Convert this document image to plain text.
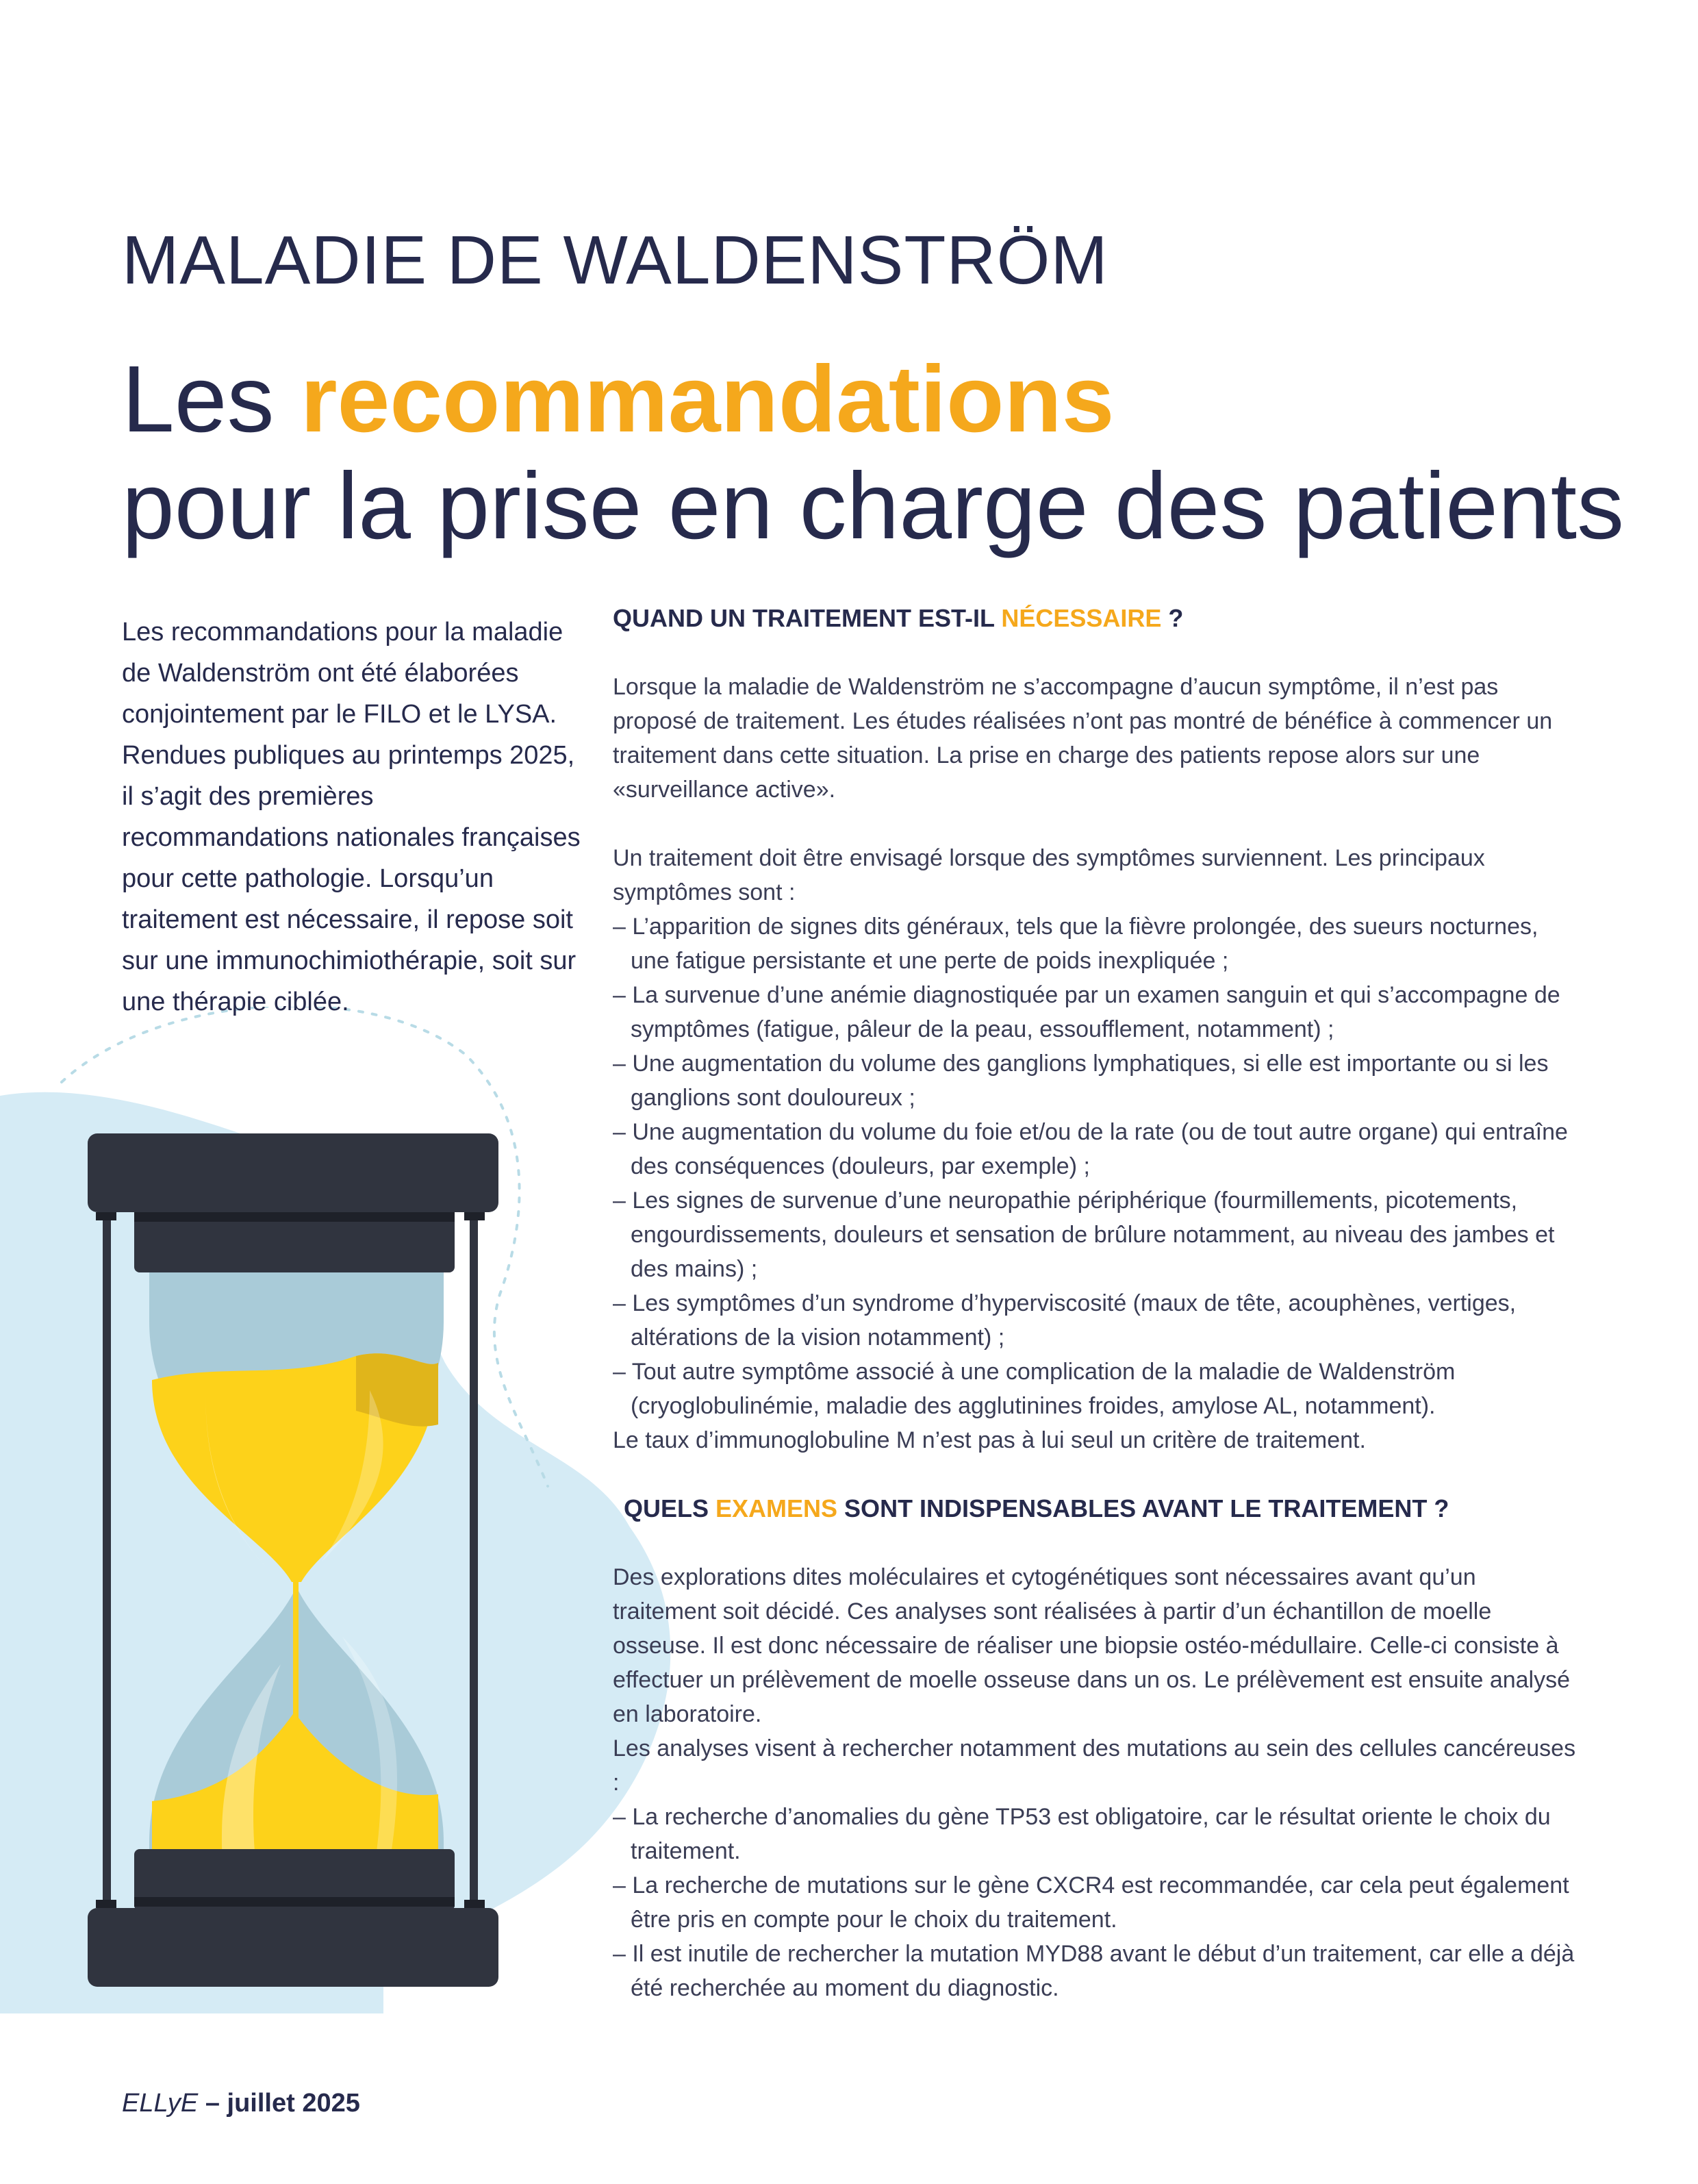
MALADIE DE WALDENSTRÖM
Les recommandations
pour la prise en charge des patients
Les recommandations pour la maladie de Waldenström ont été élaborées conjointement par le FILO et le LYSA. Rendues publiques au printemps 2025, il s’agit des premières recommandations nationales françaises pour cette pathologie. Lorsqu’un traitement est nécessaire, il repose soit sur une immunochimiothérapie, soit sur une thérapie ciblée.
QUAND UN TRAITEMENT EST-IL NÉCESSAIRE ?
Lorsque la maladie de Waldenström ne s’accompagne d’aucun symptôme, il n’est pas proposé de traitement. Les études réalisées n’ont pas montré de bénéfice à commencer un traitement dans cette situation. La prise en charge des patients repose alors sur une «surveillance active».
Un traitement doit être envisagé lorsque des symptômes surviennent. Les principaux symptômes sont :
– L’apparition de signes dits généraux, tels que la fièvre prolongée, des sueurs nocturnes, une fatigue persistante et une perte de poids inexpliquée ;
– La survenue d’une anémie diagnostiquée par un examen sanguin et qui s’accompagne de symptômes (fatigue, pâleur de la peau, essoufflement, notamment) ;
– Une augmentation du volume des ganglions lymphatiques, si elle est importante ou si les ganglions sont douloureux ;
– Une augmentation du volume du foie et/ou de la rate (ou de tout autre organe) qui entraîne des conséquences (douleurs, par exemple) ;
– Les signes de survenue d’une neuropathie périphérique (fourmillements, picotements, engourdissements, douleurs et sensation de brûlure notamment, au niveau des jambes et des mains) ;
– Les symptômes d’un syndrome d’hyperviscosité (maux de tête, acouphènes, vertiges, altérations de la vision notamment) ;
– Tout autre symptôme associé à une complication de la maladie de Waldenström (cryoglobulinémie, maladie des agglutinines froides, amylose AL, notamment).
Le taux d’immunoglobuline M n’est pas à lui seul un critère de traitement.
QUELS EXAMENS SONT INDISPENSABLES AVANT LE TRAITEMENT ?
Des explorations dites moléculaires et cytogénétiques sont nécessaires avant qu’un traitement soit décidé. Ces analyses sont réalisées à partir d’un échantillon de moelle osseuse. Il est donc nécessaire de réaliser une biopsie ostéo-médullaire. Celle-ci consiste à effectuer un prélèvement de moelle osseuse dans un os. Le prélèvement est ensuite analysé en laboratoire.
Les analyses visent à rechercher notamment des mutations au sein des cellules cancéreuses :
– La recherche d’anomalies du gène TP53 est obligatoire, car le résultat oriente le choix du traitement.
– La recherche de mutations sur le gène CXCR4 est recommandée, car cela peut également être pris en compte pour le choix du traitement.
– Il est inutile de rechercher la mutation MYD88 avant le début d’un traitement, car elle a déjà été recherchée au moment du diagnostic.
ELLyE – juillet 2025
